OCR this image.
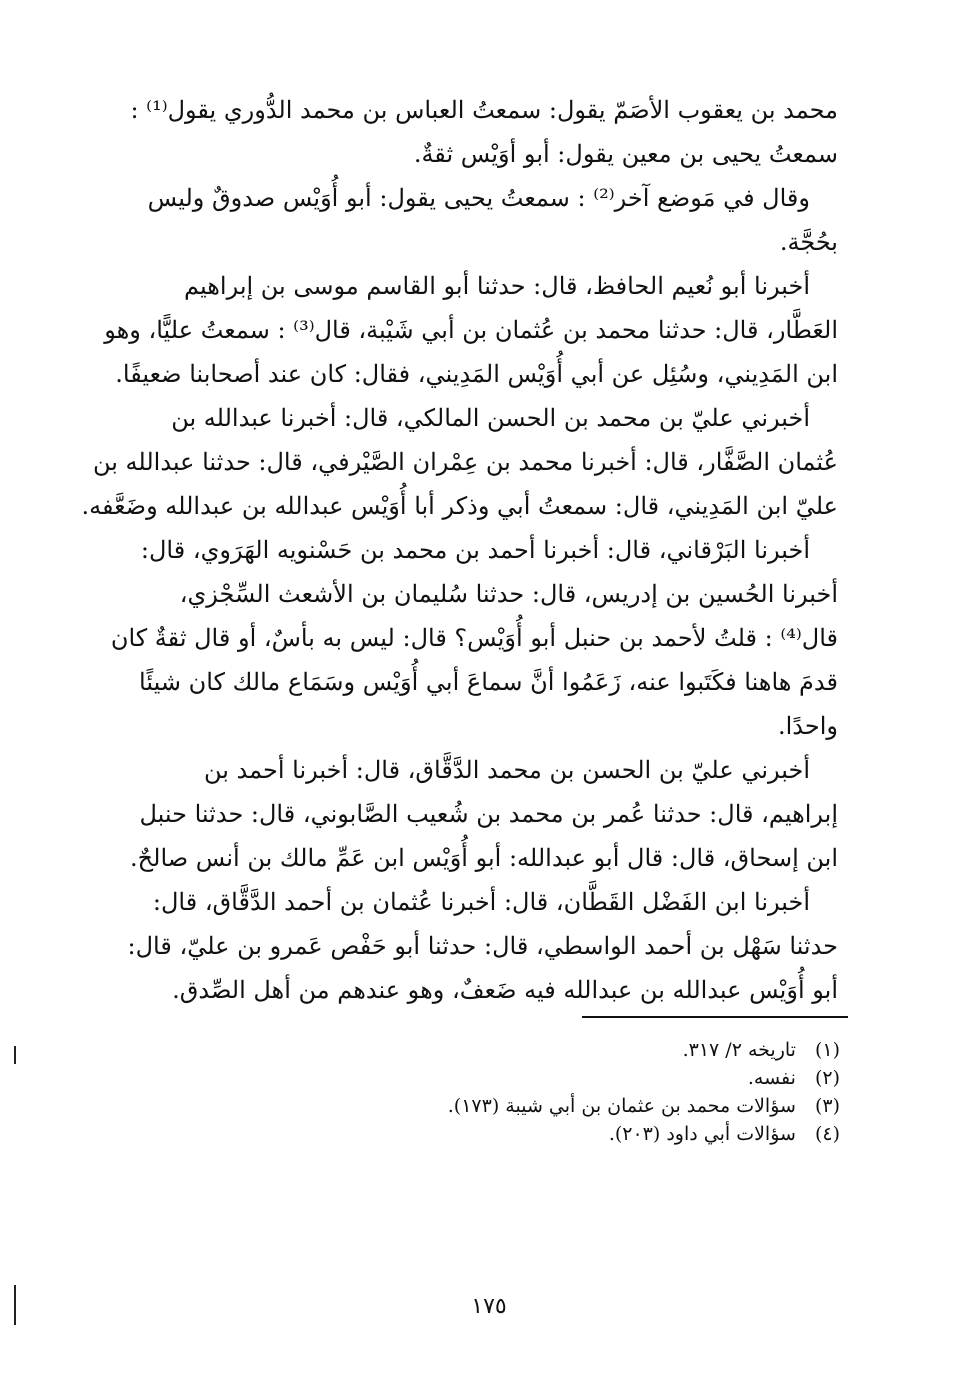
محمد بن يعقوب الأصَمّ يقول: سمعتُ العباس بن محمد الدُّوري يقول⁽¹⁾ :
سمعتُ يحيى بن معين يقول: أبو أوَيْس ثقةٌ.
وقال في مَوضع آخر⁽²⁾ : سمعتُ يحيى يقول: أبو أُوَيْس صدوقٌ وليس
بحُجَّة.
أخبرنا أبو نُعيم الحافظ، قال: حدثنا أبو القاسم موسى بن إبراهيم
العَطَّار، قال: حدثنا محمد بن عُثمان بن أبي شَيْبة، قال⁽³⁾ : سمعتُ عليًّا، وهو
ابن المَدِيني، وسُئِل عن أبي أُوَيْس المَدِيني، فقال: كان عند أصحابنا ضعيفًا.
أخبرني عليّ بن محمد بن الحسن المالكي، قال: أخبرنا عبدالله بن
عُثمان الصَّفَّار، قال: أخبرنا محمد بن عِمْران الصَّيْرفي، قال: حدثنا عبدالله بن
عليّ ابن المَدِيني، قال: سمعتُ أبي وذكر أبا أُوَيْس عبدالله بن عبدالله وضَعَّفه.
أخبرنا البَرْقاني، قال: أخبرنا أحمد بن محمد بن حَسْنويه الهَرَوي، قال:
أخبرنا الحُسين بن إدريس، قال: حدثنا سُليمان بن الأشعث السِّجْزي،
قال⁽⁴⁾ : قلتُ لأحمد بن حنبل أبو أُوَيْس؟ قال: ليس به بأسٌ، أو قال ثقةٌ كان
قدمَ هاهنا فكَتَبوا عنه، زَعَمُوا أنَّ سماعَ أبي أُوَيْس وسَمَاع مالك كان شيئًا
واحدًا.
أخبرني عليّ بن الحسن بن محمد الدَّقَّاق، قال: أخبرنا أحمد بن
إبراهيم، قال: حدثنا عُمر بن محمد بن شُعيب الصَّابوني، قال: حدثنا حنبل
ابن إسحاق، قال: قال أبو عبدالله: أبو أُوَيْس ابن عَمِّ مالك بن أنس صالحٌ.
أخبرنا ابن الفَضْل القَطَّان، قال: أخبرنا عُثمان بن أحمد الدَّقَّاق، قال:
حدثنا سَهْل بن أحمد الواسطي، قال: حدثنا أبو حَفْص عَمرو بن عليّ، قال:
أبو أُوَيْس عبدالله بن عبدالله فيه ضَعفٌ، وهو عندهم من أهل الصِّدق.
(١) تاريخه ٢/ ٣١٧.
(٢) نفسه.
(٣) سؤالات محمد بن عثمان بن أبي شيبة (١٧٣).
(٤) سؤالات أبي داود (٢٠٣).
١٧٥
